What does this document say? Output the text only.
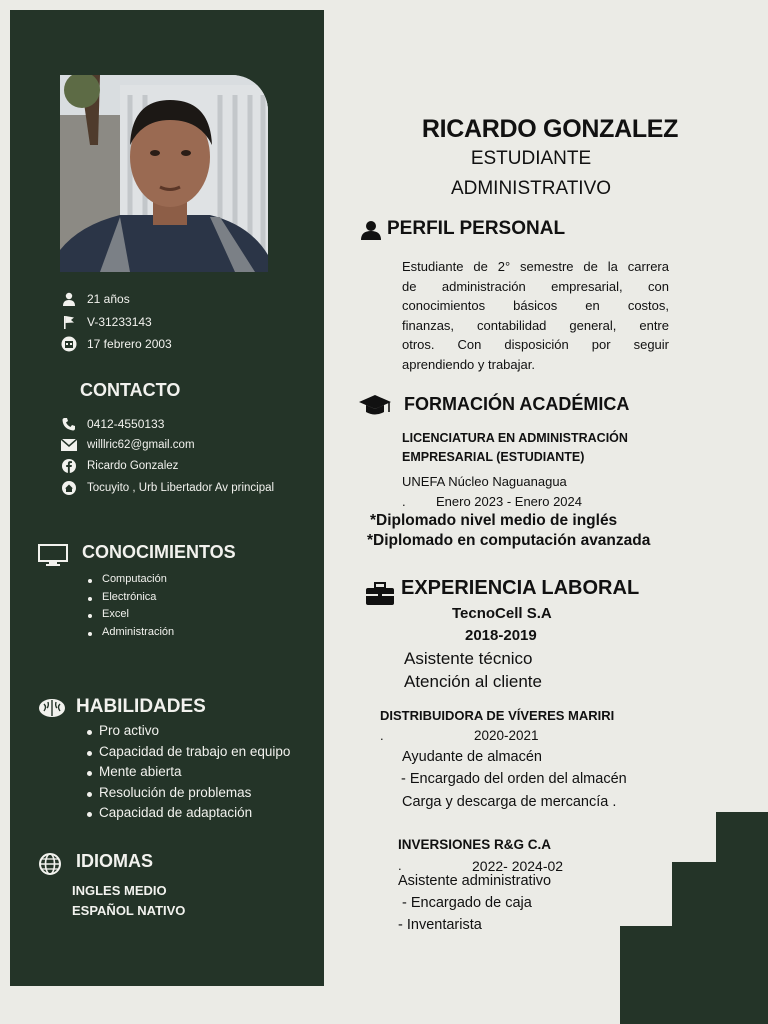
21 años
V-31233143
17 febrero 2003
CONTACTO
0412-4550133
willlric62@gmail.com
Ricardo Gonzalez
Tocuyito , Urb Libertador Av principal
CONOCIMIENTOS
Computación
Electrónica
Excel
Administración
HABILIDADES
Pro activo
Capacidad de trabajo en equipo
Mente abierta
Resolución de problemas
Capacidad de adaptación
IDIOMAS
INGLES MEDIO
ESPAÑOL NATIVO
RICARDO GONZALEZ
ESTUDIANTE
ADMINISTRATIVO
PERFIL PERSONAL
Estudiante de 2° semestre de la carrera
de administración empresarial, con
conocimientos básicos en costos,
finanzas, contabilidad general, entre
otros. Con disposición por seguir
aprendiendo y trabajar.
FORMACIÓN ACADÉMICA
LICENCIATURA EN ADMINISTRACIÓN
EMPRESARIAL (ESTUDIANTE)
UNEFA Núcleo Naguanagua
. Enero 2023 - Enero 2024
*Diplomado nivel medio de inglés
*Diplomado en computación avanzada
EXPERIENCIA LABORAL
TecnoCell S.A
2018-2019
Asistente técnico
Atención al cliente
DISTRIBUIDORA DE VÍVERES MARIRI
.	2020-2021
Ayudante de almacén
- Encargado del orden del almacén
Carga y descarga de mercancía .
INVERSIONES R&G C.A
.	2022- 2024-02
Asistente administrativo
- Encargado de caja
- Inventarista
